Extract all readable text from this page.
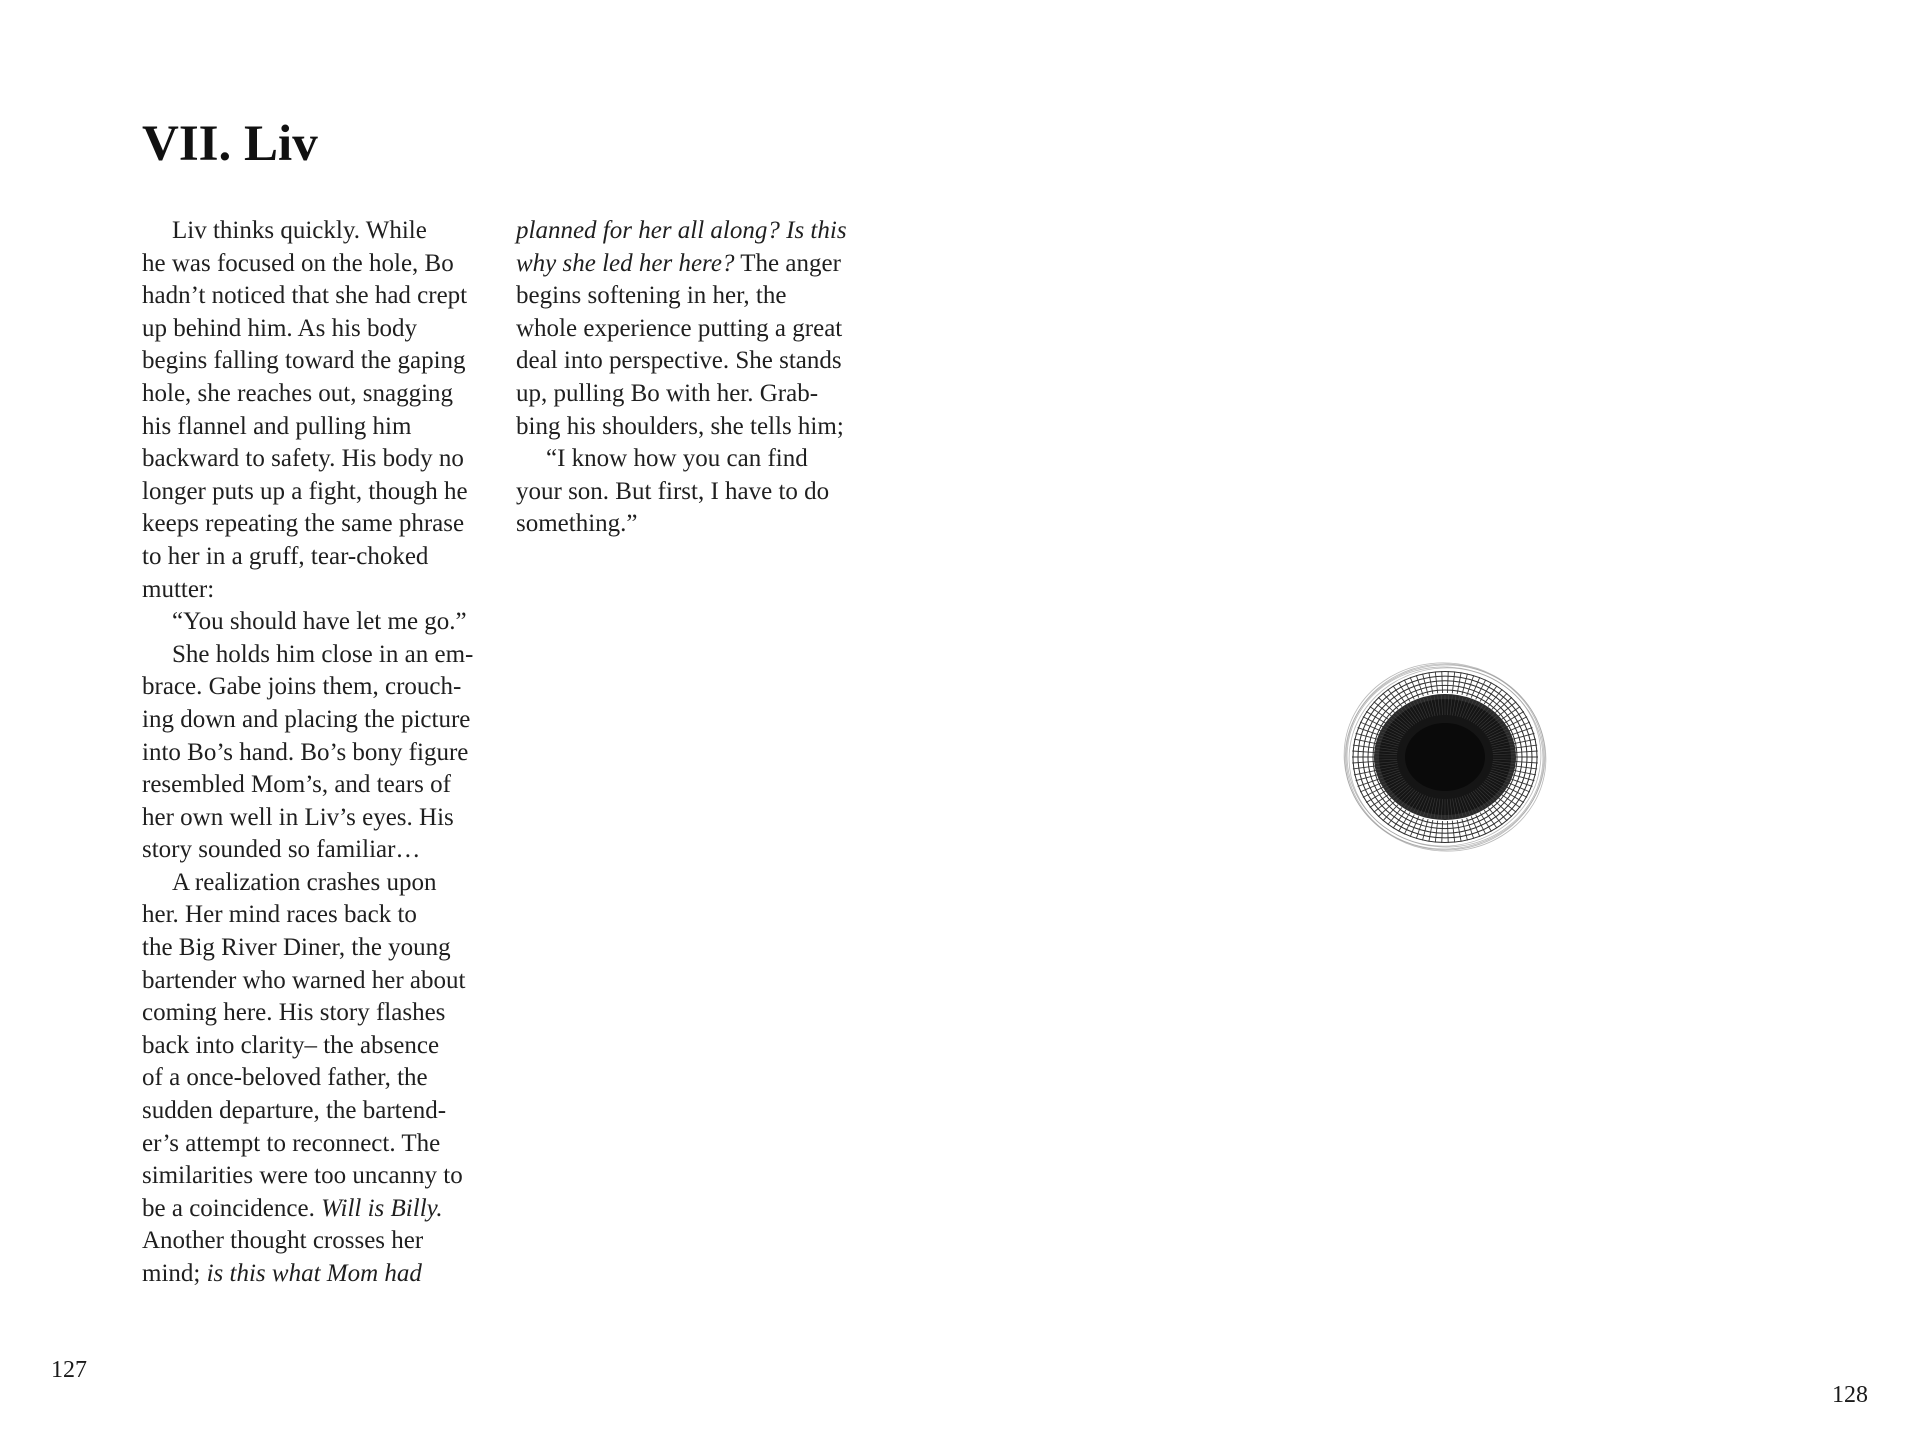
VII. Liv
Liv thinks quickly. While
he was focused on the hole, Bo
hadn’t noticed that she had crept
up behind him. As his body
begins falling toward the gaping
hole, she reaches out, snagging
his flannel and pulling him
backward to safety. His body no
longer puts up a fight, though he
keeps repeating the same phrase
to her in a gruff, tear-choked
mutter:
“You should have let me go.”
She holds him close in an em-
brace. Gabe joins them, crouch-
ing down and placing the picture
into Bo’s hand. Bo’s bony figure
resembled Mom’s, and tears of
her own well in Liv’s eyes. His
story sounded so familiar…
A realization crashes upon
her. Her mind races back to
the Big River Diner, the young
bartender who warned her about
coming here. His story flashes
back into clarity– the absence
of a once-beloved father, the
sudden departure, the bartend-
er’s attempt to reconnect. The
similarities were too uncanny to
be a coincidence. Will is Billy.
Another thought crosses her
mind; is this what Mom had
planned for her all along? Is this
why she led her here? The anger
begins softening in her, the
whole experience putting a great
deal into perspective. She stands
up, pulling Bo with her. Grab-
bing his shoulders, she tells him;
“I know how you can find
your son. But first, I have to do
something.”
127
128
